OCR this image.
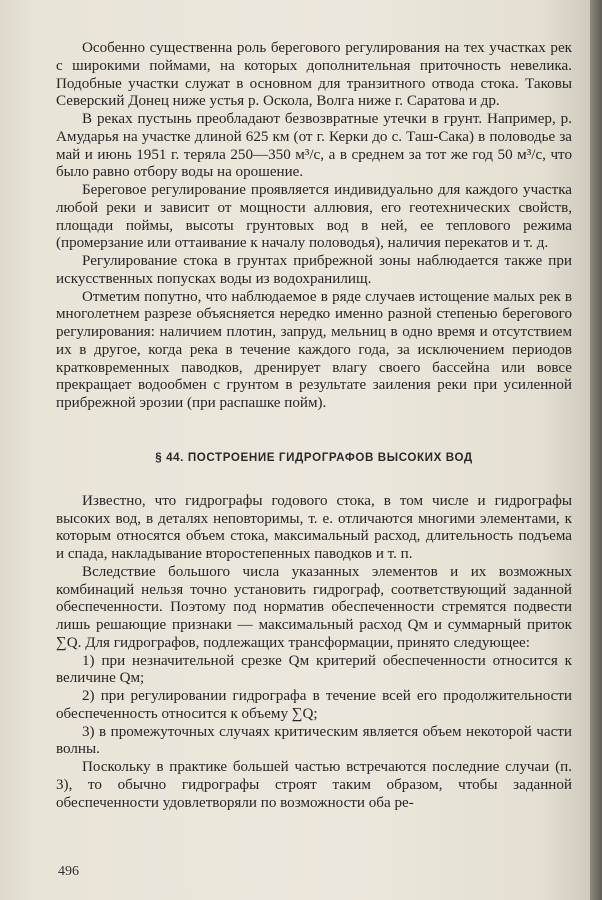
Особенно существенна роль берегового регулирования на тех участках рек с широкими поймами, на которых дополнительная приточность невелика. Подобные участки служат в основном для транзитного отвода стока. Таковы Северский Донец ниже устья р. Оскола, Волга ниже г. Саратова и др.

В реках пустынь преобладают безвозвратные утечки в грунт. Например, р. Амударья на участке длиной 625 км (от г. Керки до с. Таш-Сака) в половодье за май и июнь 1951 г. теряла 250—350 м³/с, а в среднем за тот же год 50 м³/с, что было равно отбору воды на орошение.

Береговое регулирование проявляется индивидуально для каждого участка любой реки и зависит от мощности аллювия, его геотехнических свойств, площади поймы, высоты грунтовых вод в ней, ее теплового режима (промерзание или оттаивание к началу половодья), наличия перекатов и т. д.

Регулирование стока в грунтах прибрежной зоны наблюдается также при искусственных попусках воды из водохранилищ.

Отметим попутно, что наблюдаемое в ряде случаев истощение малых рек в многолетнем разрезе объясняется нередко именно разной степенью берегового регулирования: наличием плотин, запруд, мельниц в одно время и отсутствием их в другое, когда река в течение каждого года, за исключением периодов кратковременных паводков, дренирует влагу своего бассейна или вовсе прекращает водообмен с грунтом в результате заиления реки при усиленной прибрежной эрозии (при распашке пойм).

§ 44. ПОСТРОЕНИЕ ГИДРОГРАФОВ ВЫСОКИХ ВОД

Известно, что гидрографы годового стока, в том числе и гидрографы высоких вод, в деталях неповторимы, т. е. отличаются многими элементами, к которым относятся объем стока, максимальный расход, длительность подъема и спада, накладывание второстепенных паводков и т. п.

Вследствие большого числа указанных элементов и их возможных комбинаций нельзя точно установить гидрограф, соответствующий заданной обеспеченности. Поэтому под норматив обеспеченности стремятся подвести лишь решающие признаки — максимальный расход Qм и суммарный приток ∑Q. Для гидрографов, подлежащих трансформации, принято следующее:

1) при незначительной срезке Qм критерий обеспеченности относится к величине Qм;

2) при регулировании гидрографа в течение всей его продолжительности обеспеченность относится к объему ∑Q;

3) в промежуточных случаях критическим является объем некоторой части волны.

Поскольку в практике большей частью встречаются последние случаи (п. 3), то обычно гидрографы строят таким образом, чтобы заданной обеспеченности удовлетворяли по возможности оба ре-

496
